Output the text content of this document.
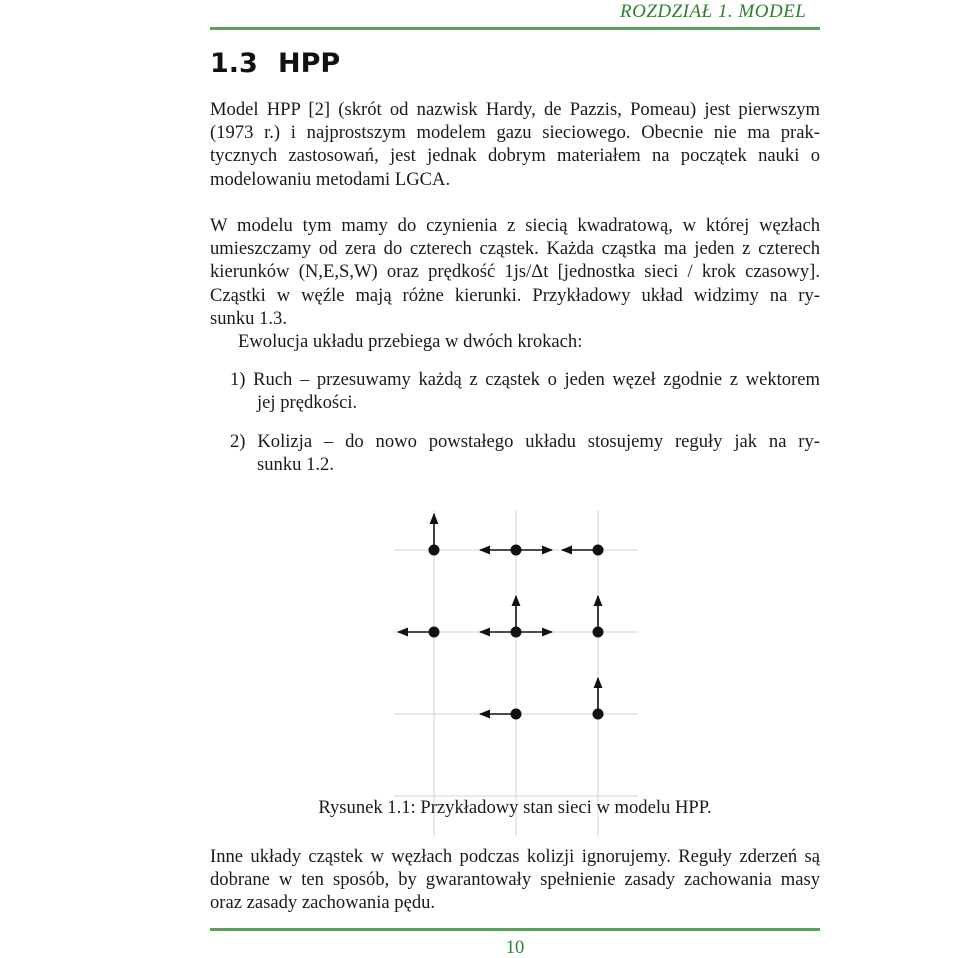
ROZDZIAŁ 1. MODEL
1.3 HPP
Model HPP [2] (skrót od nazwisk Hardy, de Pazzis, Pomeau) jest pierwszym
(1973 r.) i najprostszym modelem gazu sieciowego. Obecnie nie ma prak-
tycznych zastosowań, jest jednak dobrym materiałem na początek nauki o
modelowaniu metodami LGCA.
W modelu tym mamy do czynienia z siecią kwadratową, w której węzłach
umieszczamy od zera do czterech cząstek. Każda cząstka ma jeden z czterech
kierunków (N,E,S,W) oraz prędkość 1js/Δt [jednostka sieci / krok czasowy].
Cząstki w węźle mają różne kierunki. Przykładowy układ widzimy na ry-
sunku 1.3.
Ewolucja układu przebiega w dwóch krokach:
1) Ruch – przesuwamy każdą z cząstek o jeden węzeł zgodnie z wektorem
jej prędkości.
2) Kolizja – do nowo powstałego układu stosujemy reguły jak na ry-
sunku 1.2.
Rysunek 1.1: Przykładowy stan sieci w modelu HPP.
Inne układy cząstek w węzłach podczas kolizji ignorujemy. Reguły zderzeń są
dobrane w ten sposób, by gwarantowały spełnienie zasady zachowania masy
oraz zasady zachowania pędu.
10
